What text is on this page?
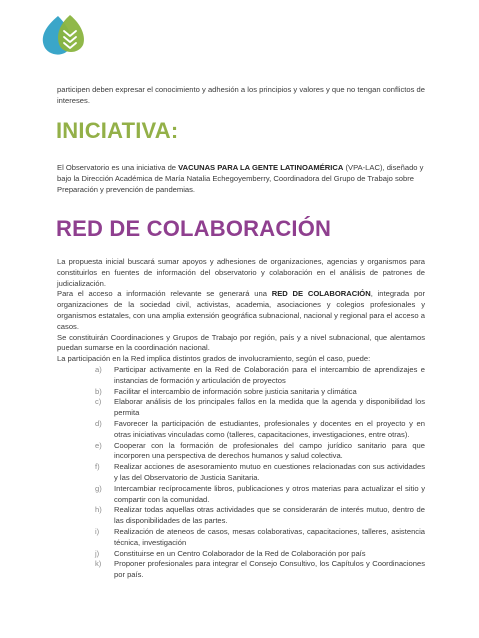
participen deben expresar el conocimiento y adhesión a los principios y valores y que no tengan conflictos de intereses.

INICIATIVA:

El Observatorio es una iniciativa de VACUNAS PARA LA GENTE LATINOAMÉRICA (VPA-LAC), diseñado y bajo la Dirección Académica de María Natalia Echegoyemberry, Coordinadora del Grupo de Trabajo sobre Preparación y prevención de pandemias.

RED DE COLABORACIÓN

La propuesta inicial buscará sumar apoyos y adhesiones de organizaciones, agencias y organismos para constituirlos en fuentes de información del observatorio y colaboración en el análisis de patrones de judicialización.

Para el acceso a información relevante se generará una RED DE COLABORACIÓN, integrada por organizaciones de la sociedad civil, activistas, academia, asociaciones y colegios profesionales y organismos estatales, con una amplia extensión geográfica subnacional, nacional y regional para el acceso a casos.

Se constituirán Coordinaciones y Grupos de Trabajo por región, país y a nivel subnacional, que alentamos puedan sumarse en la coordinación nacional.

La participación en la Red implica distintos grados de involucramiento, según el caso, puede:

a) Participar activamente en la Red de Colaboración para el intercambio de aprendizajes e instancias de formación y articulación de proyectos
b) Facilitar el intercambio de información sobre justicia sanitaria y climática
c) Elaborar análisis de los principales fallos en la medida que la agenda y disponibilidad los permita
d) Favorecer la participación de estudiantes, profesionales y docentes en el proyecto y en otras iniciativas vinculadas como (talleres, capacitaciones, investigaciones, entre otras).
e) Cooperar con la formación de profesionales del campo jurídico sanitario para que incorporen una perspectiva de derechos humanos y salud colectiva.
f) Realizar acciones de asesoramiento mutuo en cuestiones relacionadas con sus actividades y las del Observatorio de Justicia Sanitaria.
g) Intercambiar recíprocamente libros, publicaciones y otros materias para actualizar el sitio y compartir con la comunidad.
h) Realizar todas aquellas otras actividades que se considerarán de interés mutuo, dentro de las disponibilidades de las partes.
i) Realización de ateneos de casos, mesas colaborativas, capacitaciones, talleres, asistencia técnica, investigación
j) Constituirse en un Centro Colaborador de la Red de Colaboración por país
k) Proponer profesionales para integrar el Consejo Consultivo, los Capítulos y Coordinaciones por país.
